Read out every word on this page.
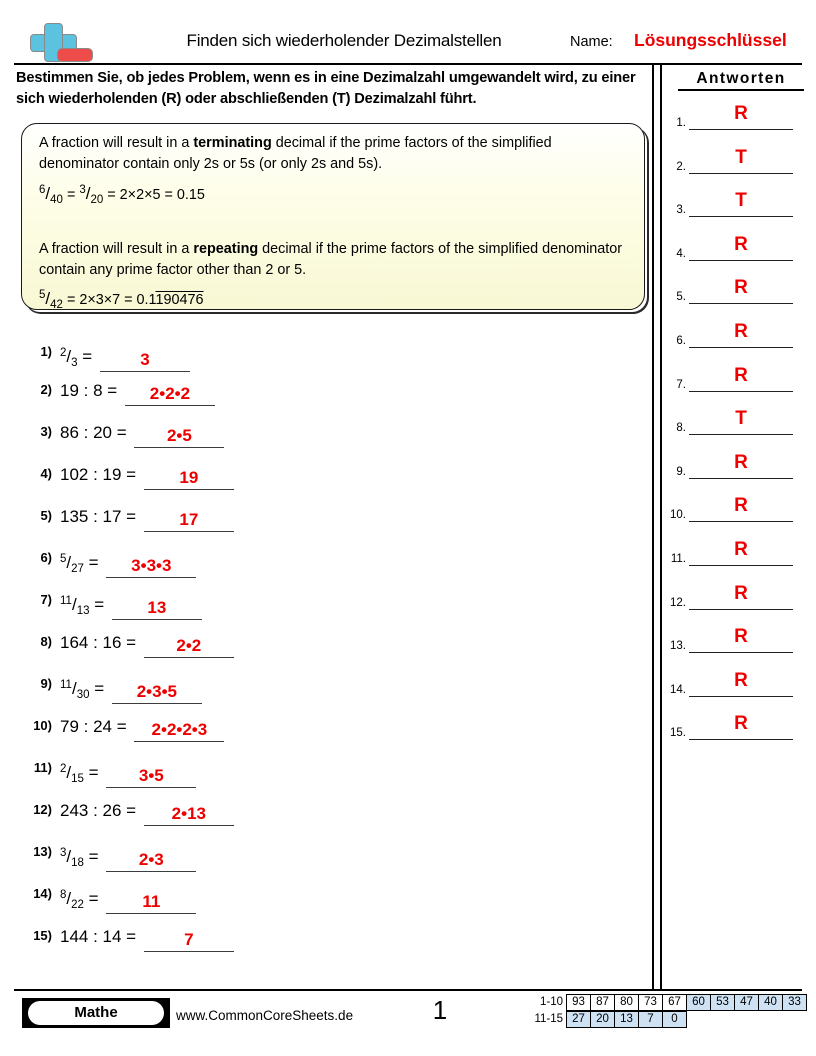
Finden sich wiederholender Dezimalstellen	Name: Lösungsschlüssel
Bestimmen Sie, ob jedes Problem, wenn es in eine Dezimalzahl umgewandelt wird, zu einer sich wiederholenden (R) oder abschließenden (T) Dezimalzahl führt.

A fraction will result in a terminating decimal if the prime factors of the simplified denominator contain only 2s or 5s (or only 2s and 5s).

$^6/_{40} = ^3/_{20} = 2\times 2\times 5 = 0.15$

A fraction will result in a repeating decimal if the prime factors of the simplified denominator contain any prime factor other than 2 or 5.

$^5/_{42} = 2\times 3\times 7 = 0.1190476$
1) $^2/_3$ =	3
2) 19 : 8 = 2•2•2
3) 86 : 20 = 2•5
4) 102 : 19 = 19
5) 135 : 17 = 17
6) $^5/_{27}$ = 3•3•3
7) $^{11}/_{13} = 13$
8) 164 : 16 = 2•2
9) $^{11}/_{30}$ = 2•3•5
10) 79 : 24 = 2•2•2•3
11) $^2/_{15}$ = 3•5
12) 243 : 26 = 2•13
13) $^3/_{18}$ = 2•3
14) $^8/_{22} = 11$
15) 144 : 14 =	7
Antworten
1.	R
2.	T
3.	T
4.	R
5.	R
6.	R
7.	R
8.	T
9.	R
10.	R
11.	R
12.	R
13.	R
14.	R
15.	R
Mathe	www.CommonCoreSheets.de	1	1-10 93 87 80 73 67 60 53 47 40 33
11-15 27 20 13	7	0
